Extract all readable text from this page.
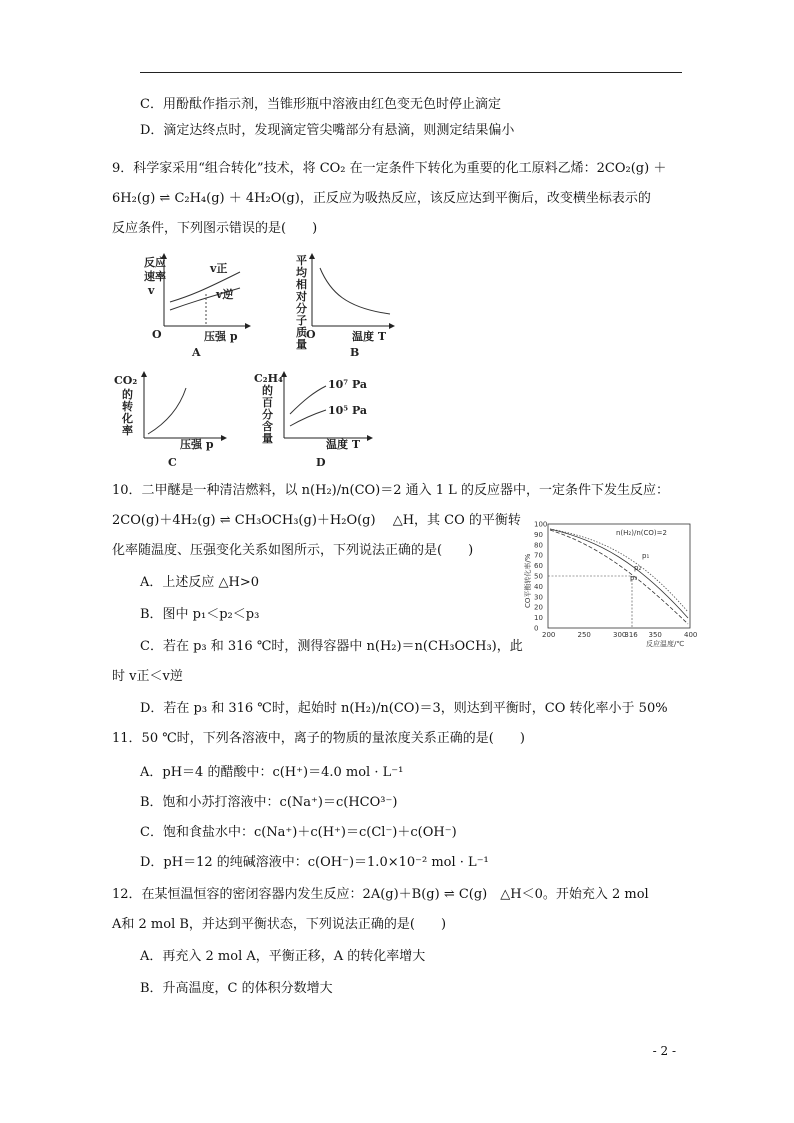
C．用酚酞作指示剂，当锥形瓶中溶液由红色变无色时停止滴定
D．滴定达终点时，发现滴定管尖嘴部分有悬滴，则测定结果偏小
9．科学家采用“组合转化”技术，将 CO₂ 在一定条件下转化为重要的化工原料乙烯：2CO₂(g) ＋
6H₂(g) ⇌ C₂H₄(g) ＋ 4H₂O(g)，正反应为吸热反应，该反应达到平衡后，改变横坐标表示的
反应条件，下列图示错误的是(　　)
反应
速率
v
O
v正
v逆
压强 p
A
平
均
相
对
分
子
质
量
O	温度 T
B
CO₂
的
转
化
率
压强 p
C
C₂H₄
的
百
分
含
量
10⁷ Pa
10⁵ Pa
温度 T
D
10．二甲醚是一种清洁燃料，以 n(H₂)/n(CO)＝2 通入 1 L 的反应器中，一定条件下发生反应：
2CO(g)＋4H₂(g) ⇌ CH₃OCH₃(g)＋H₂O(g)　 △H，其 CO 的平衡转
化率随温度、压强变化关系如图所示，下列说法正确的是(　　)
A．上述反应 △H>0
B．图中 p₁＜p₂＜p₃
C．若在 p₃ 和 316 ℃时，测得容器中 n(H₂)＝n(CH₃OCH₃)，此
时 v正＜v逆
D．若在 p₃ 和 316 ℃时，起始时 n(H₂)/n(CO)＝3，则达到平衡时，CO 转化率小于 50%
CO平衡转化率/%
100
90
80
70
60
50
40
30
20
10
0
200	250	300
316 350	400
n(H₂)/n(CO)=2
p₁
p₂
p₃
反应温度/℃
11．50 ℃时，下列各溶液中，离子的物质的量浓度关系正确的是(　　)
A．pH＝4 的醋酸中：c(H⁺)＝4.0 mol · L⁻¹
B．饱和小苏打溶液中：c(Na⁺)＝c(HCO³⁻)
C．饱和食盐水中：c(Na⁺)＋c(H⁺)＝c(Cl⁻)＋c(OH⁻)
D．pH＝12 的纯碱溶液中：c(OH⁻)＝1.0×10⁻² mol · L⁻¹
12．在某恒温恒容的密闭容器内发生反应：2A(g)＋B(g) ⇌ C(g)　△H＜0。开始充入 2 mol
A和 2 mol B，并达到平衡状态，下列说法正确的是(　　)
A．再充入 2 mol A，平衡正移，A 的转化率增大
B．升高温度，C 的体积分数增大
- 2 -
